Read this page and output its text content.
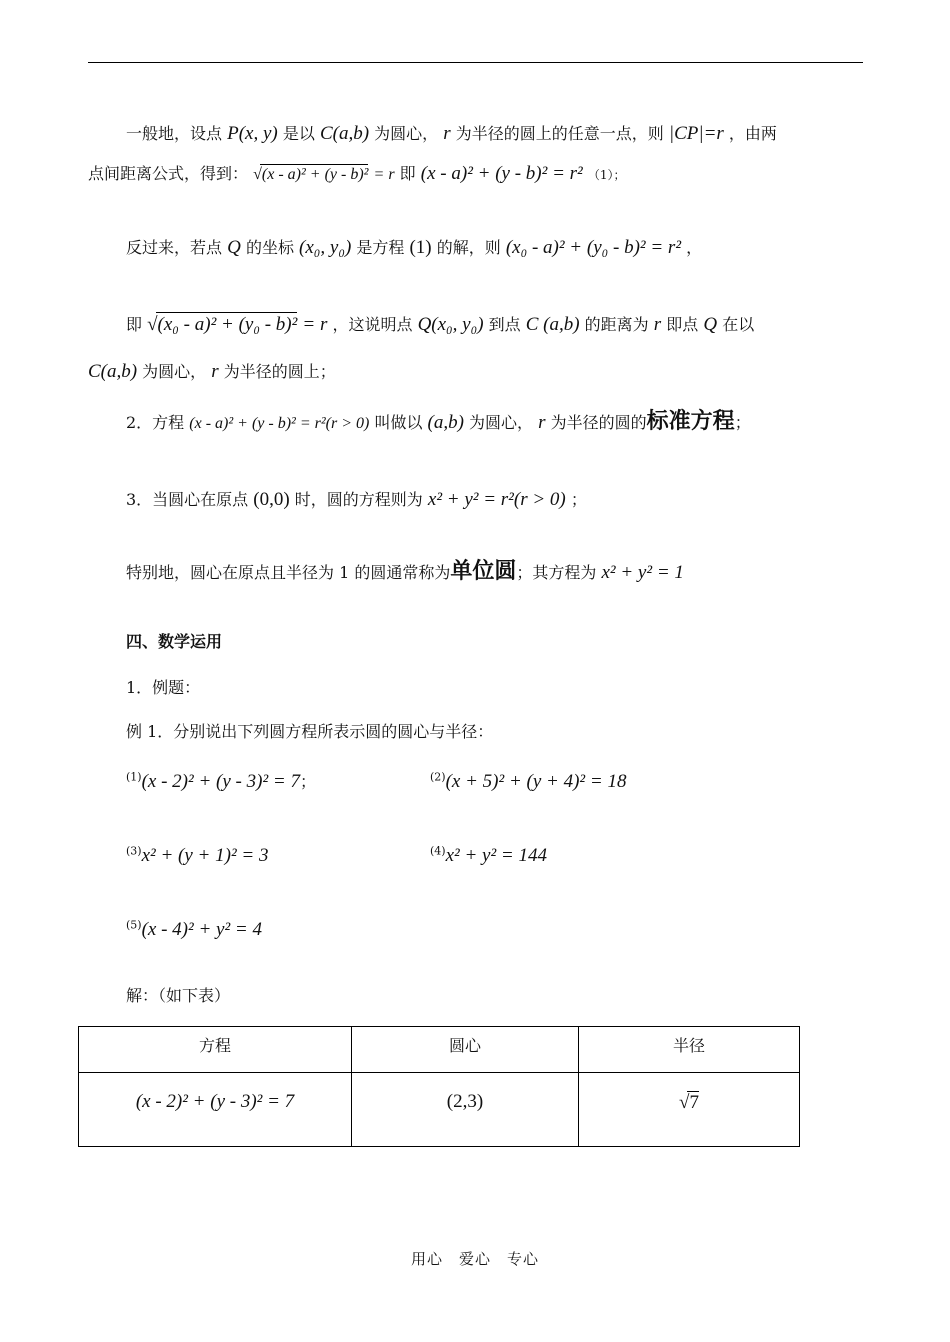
一般地，设点 P(x, y) 是以 C(a,b) 为圆心， r 为半径的圆上的任意一点，则 |CP|=r ，由两
点间距离公式，得到： √(x - a)² + (y - b)² = r 即 (x - a)² + (y - b)² = r² （1）；
反过来，若点 Q 的坐标 (x₀, y₀) 是方程 (1) 的解，则 (x₀ - a)² + (y₀ - b)² = r² ，
即 √(x₀ - a)² + (y₀ - b)² = r ，这说明点 Q(x₀, y₀) 到点 C (a,b) 的距离为 r 即点 Q 在以
C(a,b) 为圆心， r 为半径的圆上；
2．方程 (x - a)² + (y - b)² = r²(r > 0) 叫做以 (a,b) 为圆心， r 为半径的圆的标准方程；
3．当圆心在原点 (0,0) 时，圆的方程则为 x² + y² = r²(r > 0) ；
特别地，圆心在原点且半径为 1 的圆通常称为单位圆；其方程为 x² + y² = 1
四、数学运用
1．例题：
例 1．分别说出下列圆方程所表示圆的圆心与半径：
$^{(1)}$(x - 2)² + (y - 3)² = 7；	$^{(2)}$(x + 5)² + (y + 4)² = 18
$^{(3)}$x² + (y + 1)² = 3	$^{(4)}$x² + y² = 144
$^{(5)}$(x - 4)² + y² = 4
解：（如下表）
方程	圆心	半径
(x - 2)² + (y - 3)² = 7	(2,3)	√7
用心　爱心　专心
